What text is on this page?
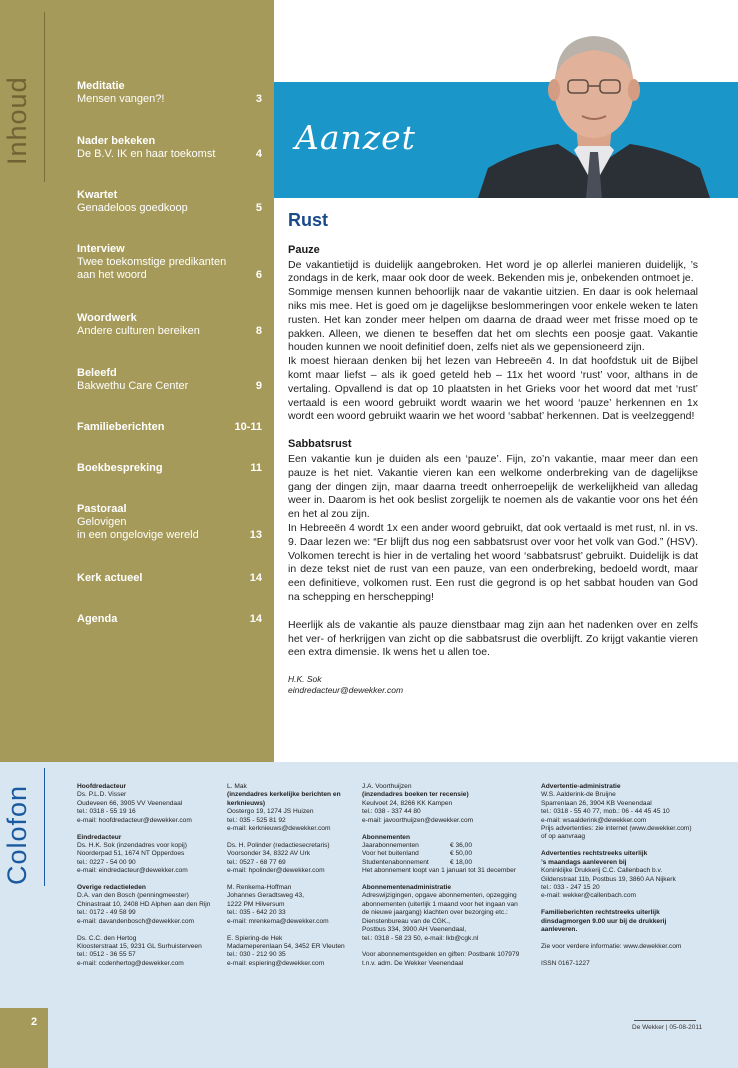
Meditatie
Mensen vangen?!	3
Nader bekeken
De B.V. IK en haar toekomst	4
Kwartet
Genadeloos goedkoop	5
Interview
Twee toekomstige predikanten
aan het woord	6
Woordwerk
Andere culturen bereiken	8
Beleefd
Bakwethu Care Center	9
Familieberichten	10-11
Boekbespreking	11
Pastoraal
Gelovigen
in een ongelovige wereld	13
Kerk actueel	14
Agenda	14
Aanzet
Rust
Pauze
De vakantietijd is duidelijk aangebroken. Het word je op allerlei manieren duidelijk, ’s zondags in de kerk, maar ook door de week. Bekenden mis je, onbekenden ontmoet je.
Sommige mensen kunnen behoorlijk naar de vakantie uitzien. En daar is ook helemaal niks mis mee. Het is goed om je dagelijkse beslommeringen voor enkele weken te laten rusten. Het kan zonder meer helpen om daarna de draad weer met frisse moed op te pakken. Alleen, we dienen te beseffen dat het om slechts een poosje gaat. Vakantie houden kunnen we nooit definitief doen, zelfs niet als we gepensioneerd zijn.
Ik moest hieraan denken bij het lezen van Hebreeën 4. In dat hoofdstuk uit de Bijbel komt maar liefst – als ik goed geteld heb – 11x het woord ‘rust’ voor, althans in de vertaling. Opvallend is dat op 10 plaatsten in het Grieks voor het woord dat met ‘rust’ vertaald is een woord gebruikt wordt waarin we het woord ‘pauze’ herkennen en 1x wordt een woord gebruikt waarin we het woord ‘sabbat’ herkennen. Dat is veelzeggend!
Sabbatsrust
Een vakantie kun je duiden als een ‘pauze’. Fijn, zo’n vakantie, maar meer dan een pauze is het niet. Vakantie vieren kan een welkome onderbreking van de dagelijkse gang der dingen zijn, maar daarna treedt onherroepelijk de werkelijkheid van alledag weer in. Daarom is het ook beslist zorgelijk te noemen als de vakantie voor ons het één en het al zou zijn.
In Hebreeën 4 wordt 1x een ander woord gebruikt, dat ook vertaald is met rust, nl. in vs. 9. Daar lezen we: “Er blijft dus nog een sabbatsrust over voor het volk van God.” (HSV). Volkomen terecht is hier in de vertaling het woord ‘sabbatsrust’ gebruikt. Duidelijk is dat in deze tekst niet de rust van een pauze, van een onderbreking, bedoeld wordt, maar een definitieve, volkomen rust. Een rust die gegrond is op het sabbat houden van God na schepping en herschepping!
Heerlijk als de vakantie als pauze dienstbaar mag zijn aan het nadenken over en zelfs het ver- of herkrijgen van zicht op die sabbatsrust die overblijft. Zo krijgt vakantie vieren een extra dimensie. Ik wens het u allen toe.
H.K. Sok
eindredacteur@dewekker.com
Colofon	Hoofdredacteur
Ds. P.L.D. Visser
Oudeveen 66, 3905 VV Veenendaal
tel.: 0318 - 55 19 16
e-mail: hoofdredacteur@dewekker.com
Eindredacteur
Ds. H.K. Sok (inzendadres voor kopij)
Noorderpad 51, 1674 NT Opperdoes
tel.: 0227 - 54 00 90
e-mail: eindredacteur@dewekker.com
Overige redactieleden
D.A. van den Bosch (penningmeester)
Chinastraat 10, 2408 HD Alphen aan den Rijn
tel.: 0172 - 49 58 99
e-mail: davandenbosch@dewekker.com
Ds. C.C. den Hertog
Kloosterstraat 15, 9231 GL Surhuisterveen
tel.: 0512 - 36 55 57
e-mail: ccdenhertog@dewekker.com
L. Mak
(inzendadres kerkelijke berichten en
kerknieuws)
Oostergo 19, 1274 JS Huizen
tel.: 035 - 525 81 92
e-mail: kerknieuws@dewekker.com
Ds. H. Polinder (redactiesecretaris)
Voorsonder 34, 8322 AV Urk
tel.: 0527 - 68 77 69
e-mail: hpolinder@dewekker.com
M. Renkema-Hoffman
Johannes Geradtsweg 43,
1222 PM Hilversum
tel.: 035 - 642 20 33
e-mail: mrenkema@dewekker.com
E. Spiering-de Hek
Madameperenlaan 54, 3452 ER Vleuten
tel.: 030 - 212 90 35
e-mail: espiering@dewekker.com
J.A. Voorthuijzen
(inzendadres boeken ter recensie)
Keulvoet 24, 8266 KK Kampen
tel.: 038 - 337 44 80
e-mail: javoorthuijzen@dewekker.com
Abonnementen
Jaarabonnementen	€ 36,00
Voor het buitenland	€ 50,00
Studentenabonnement	€ 18,00
Het abonnement loopt van 1 januari tot 31 december
Abonnementenadministratie
Adreswijzigingen, opgave abonnementen, opzegging
abonnementen (uiterlijk 1 maand voor het ingaan van
de nieuwe jaargang) klachten over bezorging etc.:
Dienstenbureau van de CGK.,
Postbus 334, 3900 AH Veenendaal,
tel.: 0318 - 58 23 50, e-mail: lkb@cgk.nl
Voor abonnementsgelden en giften: Postbank 107979
t.n.v. adm. De Wekker Veenendaal
Advertentie-administratie
W.S. Aalderink-de Bruijne
Sparrenlaan 26, 3904 KB Veenendaal
tel.: 0318 - 55 40 77, mob.: 06 - 44 45 45 10
e-mail: wsaalderink@dewekker.com
Prijs advertenties: zie internet (www.dewekker.com)
of op aanvraag
Advertenties rechtstreeks uiterlijk
’s maandags aanleveren bij
Koninklijke Drukkerij C.C. Callenbach b.v.
Gildenstraat 11b, Postbus 19, 3860 AA Nijkerk
tel.: 033 - 247 15 20
e-mail: wekker@callenbach.com
Familieberichten rechtstreeks uiterlijk
dinsdagmorgen 9.00 uur bij de drukkerij
aanleveren.
Zie voor verdere informatie: www.dewekker.com
ISSN 0167-1227
De Wekker | 05-08-2011
2
